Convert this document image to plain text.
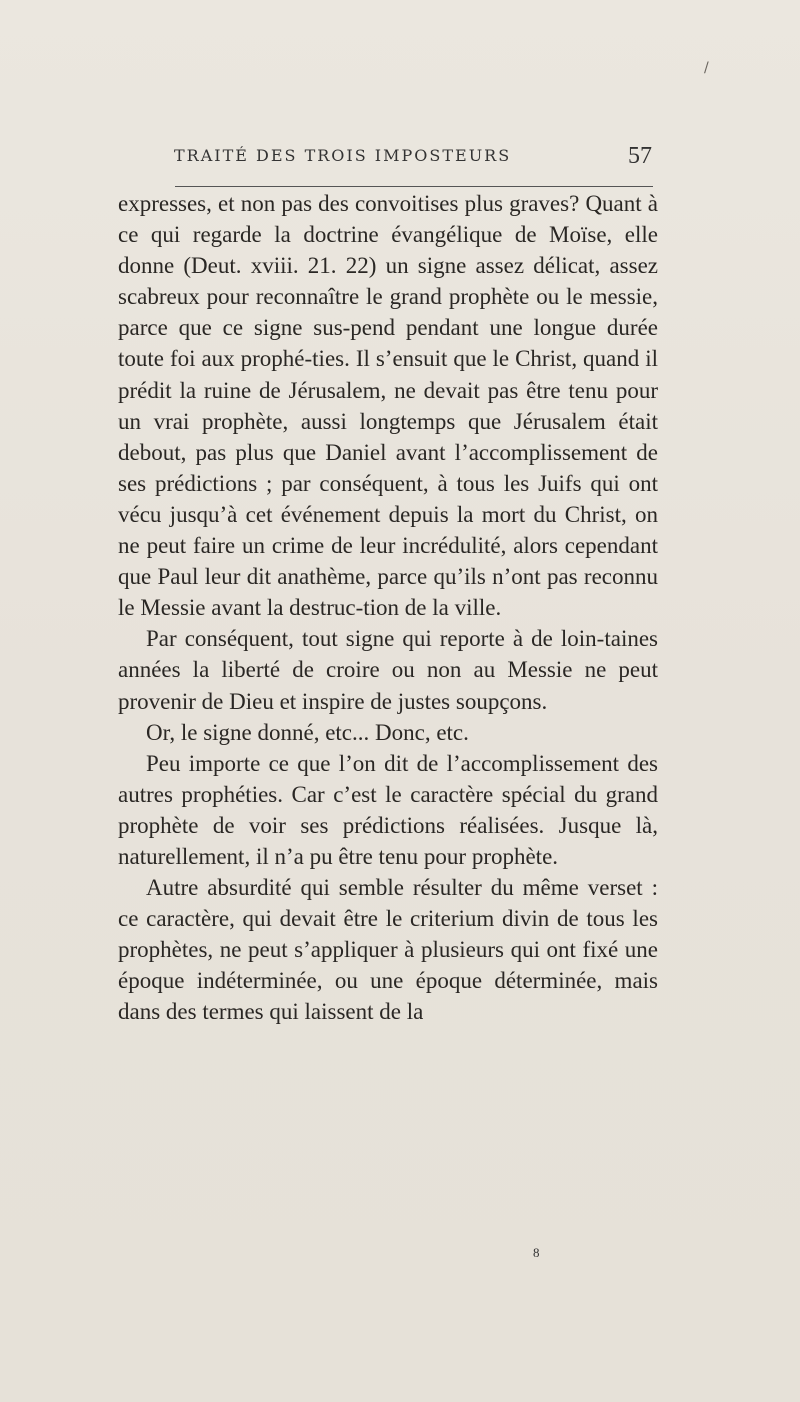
/
TRAITÉ DES TROIS IMPOSTEURS	57

expresses, et non pas des convoitises plus graves? Quant à ce qui regarde la doctrine évangélique de Moïse, elle donne (Deut. xviii. 21. 22) un signe assez délicat, assez scabreux pour reconnaître le grand prophète ou le messie, parce que ce signe sus-pend pendant une longue durée toute foi aux prophé-ties. Il s’ensuit que le Christ, quand il prédit la ruine de Jérusalem, ne devait pas être tenu pour un vrai prophète, aussi longtemps que Jérusalem était debout, pas plus que Daniel avant l’accomplissement de ses prédictions ; par conséquent, à tous les Juifs qui ont vécu jusqu’à cet événement depuis la mort du Christ, on ne peut faire un crime de leur incrédulité, alors cependant que Paul leur dit anathème, parce qu’ils n’ont pas reconnu le Messie avant la destruc-tion de la ville.

Par conséquent, tout signe qui reporte à de loin-taines années la liberté de croire ou non au Messie ne peut provenir de Dieu et inspire de justes soupçons.

Or, le signe donné, etc... Donc, etc.

Peu importe ce que l’on dit de l’accomplissement des autres prophéties. Car c’est le caractère spécial du grand prophète de voir ses prédictions réalisées. Jusque là, naturellement, il n’a pu être tenu pour prophète.

Autre absurdité qui semble résulter du même verset : ce caractère, qui devait être le criterium divin de tous les prophètes, ne peut s’appliquer à plusieurs qui ont fixé une époque indéterminée, ou une époque déterminée, mais dans des termes qui laissent de la

8
